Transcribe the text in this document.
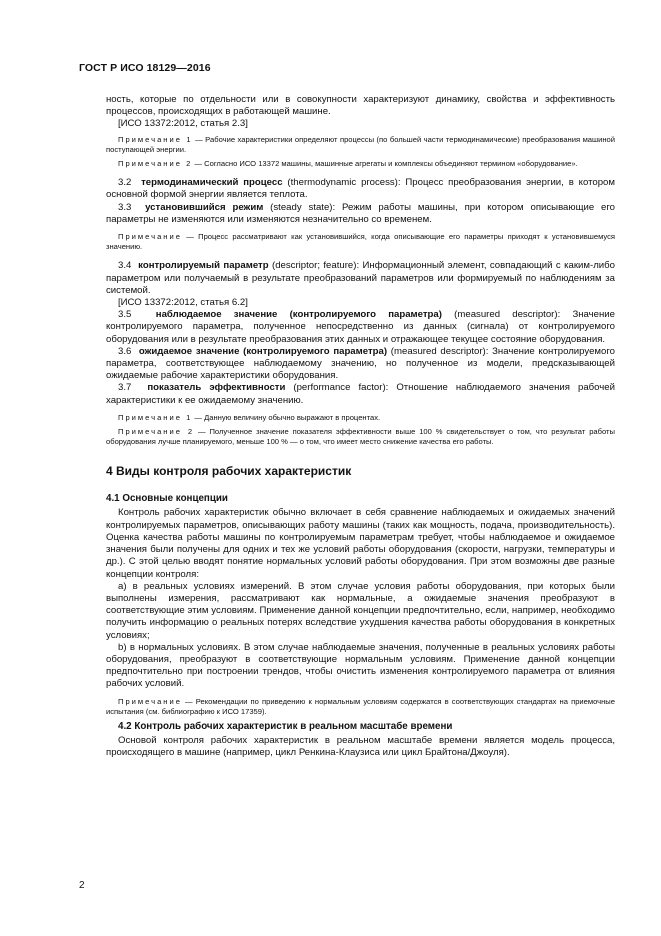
ГОСТ Р ИСО 18129—2016

ность, которые по отдельности или в совокупности характеризуют динамику, свойства и эффективность процессов, происходящих в работающей машине.

[ИСО 13372:2012, статья 2.3]

Примечание 1 — Рабочие характеристики определяют процессы (по большей части термодинамические) преобразования машиной поступающей энергии.

Примечание 2 — Согласно ИСО 13372 машины, машинные агрегаты и комплексы объединяют термином «оборудование».

3.2 термодинамический процесс (thermodynamic process): Процесс преобразования энергии, в котором основной формой энергии является теплота.

3.3 установившийся режим (steady state): Режим работы машины, при котором описывающие его параметры не изменяются или изменяются незначительно со временем.

Примечание — Процесс рассматривают как установившийся, когда описывающие его параметры приходят к установившемуся значению.

3.4 контролируемый параметр (descriptor; feature): Информационный элемент, совпадающий с каким-либо параметром или получаемый в результате преобразований параметров или формируемый по наблюдениям за системой.

[ИСО 13372:2012, статья 6.2]

3.5	наблюдаемое значение (контролируемого параметра) (measured descriptor): Значение контролируемого параметра, полученное непосредственно из данных (сигнала) от контролируемого оборудования или в результате преобразования этих данных и отражающее текущее состояние оборудования.

3.6 ожидаемое значение (контролируемого параметра) (measured descriptor): Значение контролируемого параметра, соответствующее наблюдаемому значению, но полученное из модели, предсказывающей ожидаемые рабочие характеристики оборудования.

3.7 показатель эффективности (performance factor): Отношение наблюдаемого значения рабочей характеристики к ее ожидаемому значению.

Примечание 1 — Данную величину обычно выражают в процентах.

Примечание 2 — Полученное значение показателя эффективности выше 100 % свидетельствует о том, что результат работы оборудования лучше планируемого, меньше 100 % — о том, что имеет место снижение качества его работы.

4 Виды контроля рабочих характеристик

4.1 Основные концепции

Контроль рабочих характеристик обычно включает в себя сравнение наблюдаемых и ожидаемых значений контролируемых параметров, описывающих работу машины (таких как мощность, подача, производительность). Оценка качества работы машины по контролируемым параметрам требует, чтобы наблюдаемое и ожидаемое значения были получены для одних и тех же условий работы оборудования (скорости, нагрузки, температуры и др.). С этой целью вводят понятие нормальных условий работы оборудования. При этом возможны две разные концепции контроля:

a) в реальных условиях измерений. В этом случае условия работы оборудования, при которых были выполнены измерения, рассматривают как нормальные, а ожидаемые значения преобразуют в соответствующие этим условиям. Применение данной концепции предпочтительно, если, например, необходимо получить информацию о реальных потерях вследствие ухудшения качества работы оборудования в конкретных условиях;

b) в нормальных условиях. В этом случае наблюдаемые значения, полученные в реальных условиях работы оборудования, преобразуют в соответствующие нормальным условиям. Применение данной концепции предпочтительно при построении трендов, чтобы очистить изменения контролируемого параметра от влияния рабочих условий.

Примечание — Рекомендации по приведению к нормальным условиям содержатся в соответствующих стандартах на приемочные испытания (см. библиографию к ИСО 17359).

4.2 Контроль рабочих характеристик в реальном масштабе времени

Основой контроля рабочих характеристик в реальном масштабе времени является модель процесса, происходящего в машине (например, цикл Ренкина-Клаузиса или цикл Брайтона/Джоуля).

2
